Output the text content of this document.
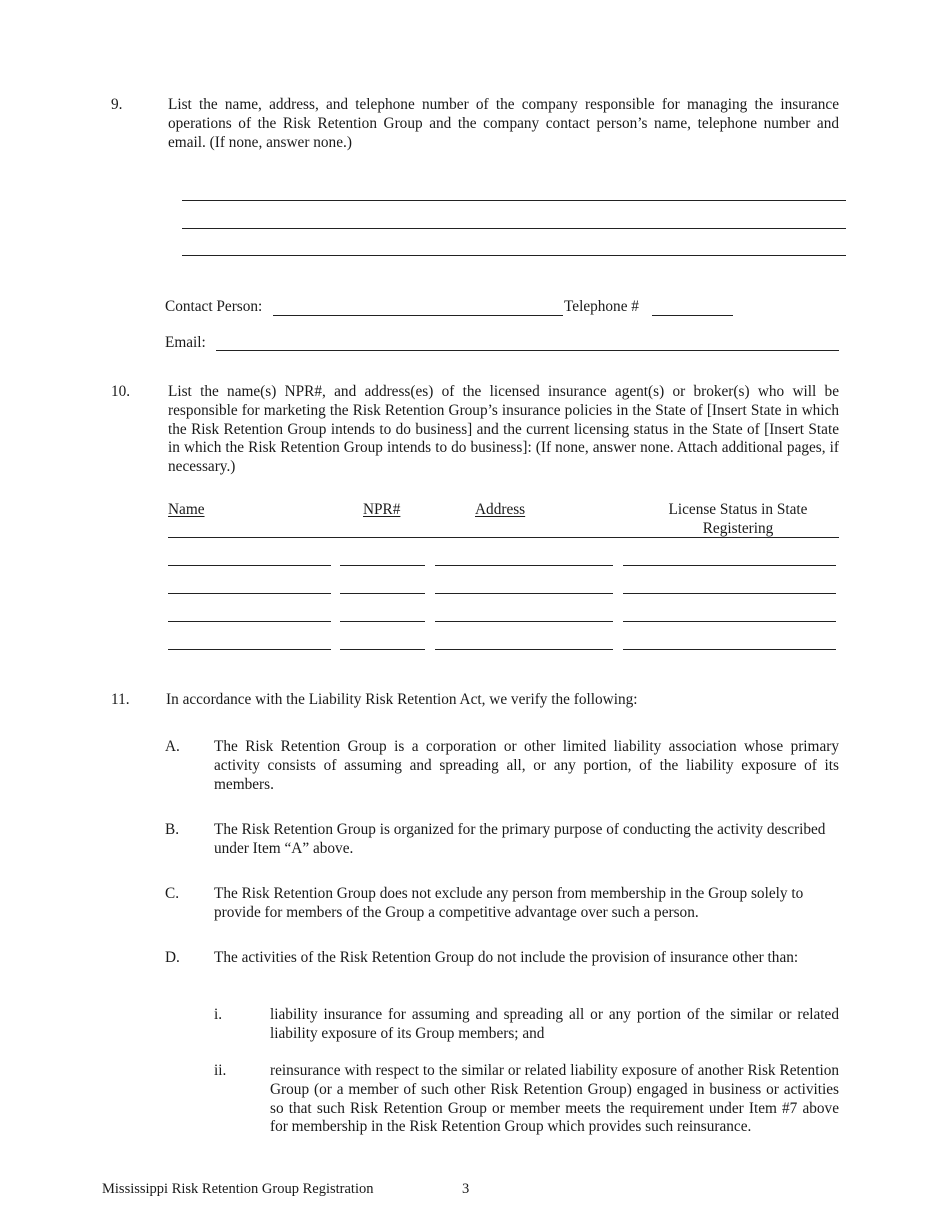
9.	List the name, address, and telephone number of the company responsible for managing the insurance operations of the Risk Retention Group and the company contact person’s name, telephone number and email. (If none, answer none.)
Contact Person:	Telephone #
Email:
10. List the name(s) NPR#, and address(es) of the licensed insurance agent(s) or broker(s) who will be responsible for marketing the Risk Retention Group’s insurance policies in the State of [Insert State in which the Risk Retention Group intends to do business] and the current licensing status in the State of [Insert State in which the Risk Retention Group intends to do business]: (If none, answer none. Attach additional pages, if necessary.)
Name	NPR#	Address	License Status in State
Registering
11. In accordance with the Liability Risk Retention Act, we verify the following:
A. The Risk Retention Group is a corporation or other limited liability association whose primary activity consists of assuming and spreading all, or any portion, of the liability exposure of its members.
B. The Risk Retention Group is organized for the primary purpose of conducting the activity described under Item “A” above.
C. The Risk Retention Group does not exclude any person from membership in the Group solely to provide for members of the Group a competitive advantage over such a person.
D. The activities of the Risk Retention Group do not include the provision of insurance other than:
i.	liability insurance for assuming and spreading all or any portion of the similar or related liability exposure of its Group members; and
ii.	reinsurance with respect to the similar or related liability exposure of another Risk Retention Group (or a member of such other Risk Retention Group) engaged in business or activities so that such Risk Retention Group or member meets the requirement under Item #7 above for membership in the Risk Retention Group which provides such reinsurance.
Mississippi Risk Retention Group Registration	3
